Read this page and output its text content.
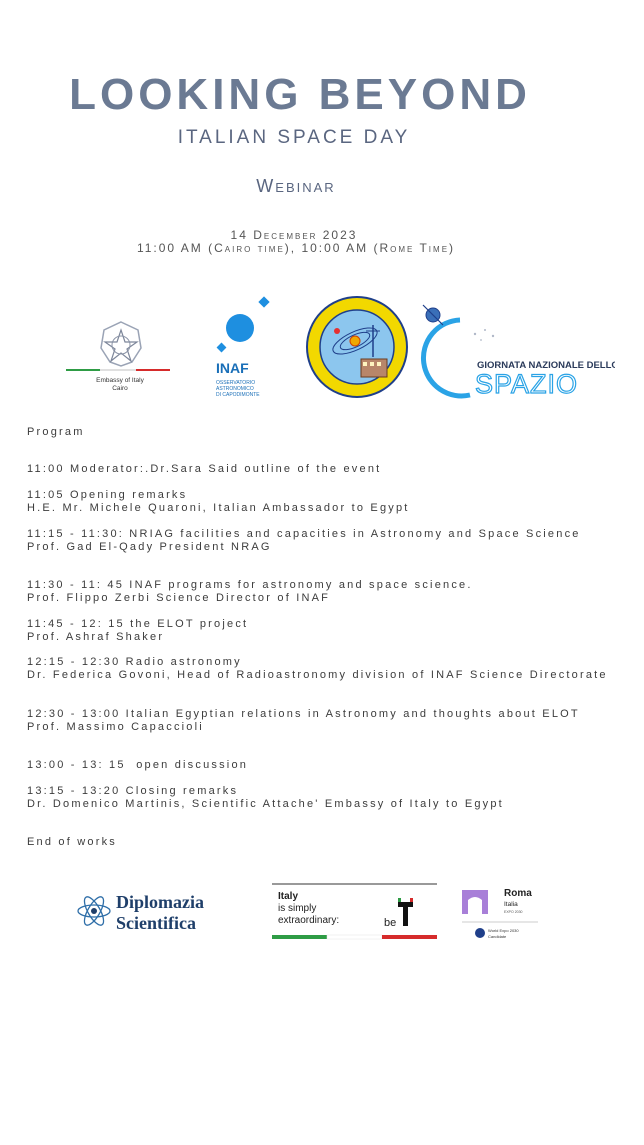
LOOKING BEYOND
ITALIAN SPACE DAY
Webinar
14 December 2023
11:00 AM (Cairo time), 10:00 AM (Rome Time)
Embassy of Italy
Cairo
INAF
OSSERVATORIO
ASTRONOMICO
DI CAPODIMONTE
GIORNATA NAZIONALE DELLO
SPAZIO
Program
11:00 Moderator:.Dr.Sara Said outline of the event
11:05 Opening remarks
H.E. Mr. Michele Quaroni, Italian Ambassador to Egypt
11:15 - 11:30: NRIAG facilities and capacities in Astronomy and Space Science
Prof. Gad El-Qady President NRAG
11:30 - 11: 45 INAF programs for astronomy and space science.
Prof. Flippo Zerbi Science Director of INAF
11:45 - 12: 15 the ELOT project
Prof. Ashraf Shaker
12:15 - 12:30 Radio astronomy
Dr. Federica Govoni, Head of Radioastronomy division of INAF Science Directorate
12:30 - 13:00 Italian Egyptian relations in Astronomy and thoughts about ELOT
Prof. Massimo Capaccioli
13:00 - 13: 15  open discussion
13:15 - 13:20 Closing remarks
Dr. Domenico Martinis, Scientific Attache' Embassy of Italy to Egypt
End of works
Diplomazia
Scientifica
Italy
is simply
extraordinary:	be
Roma
Italia
EXPO 2030
World Expo 2030
Candidate
